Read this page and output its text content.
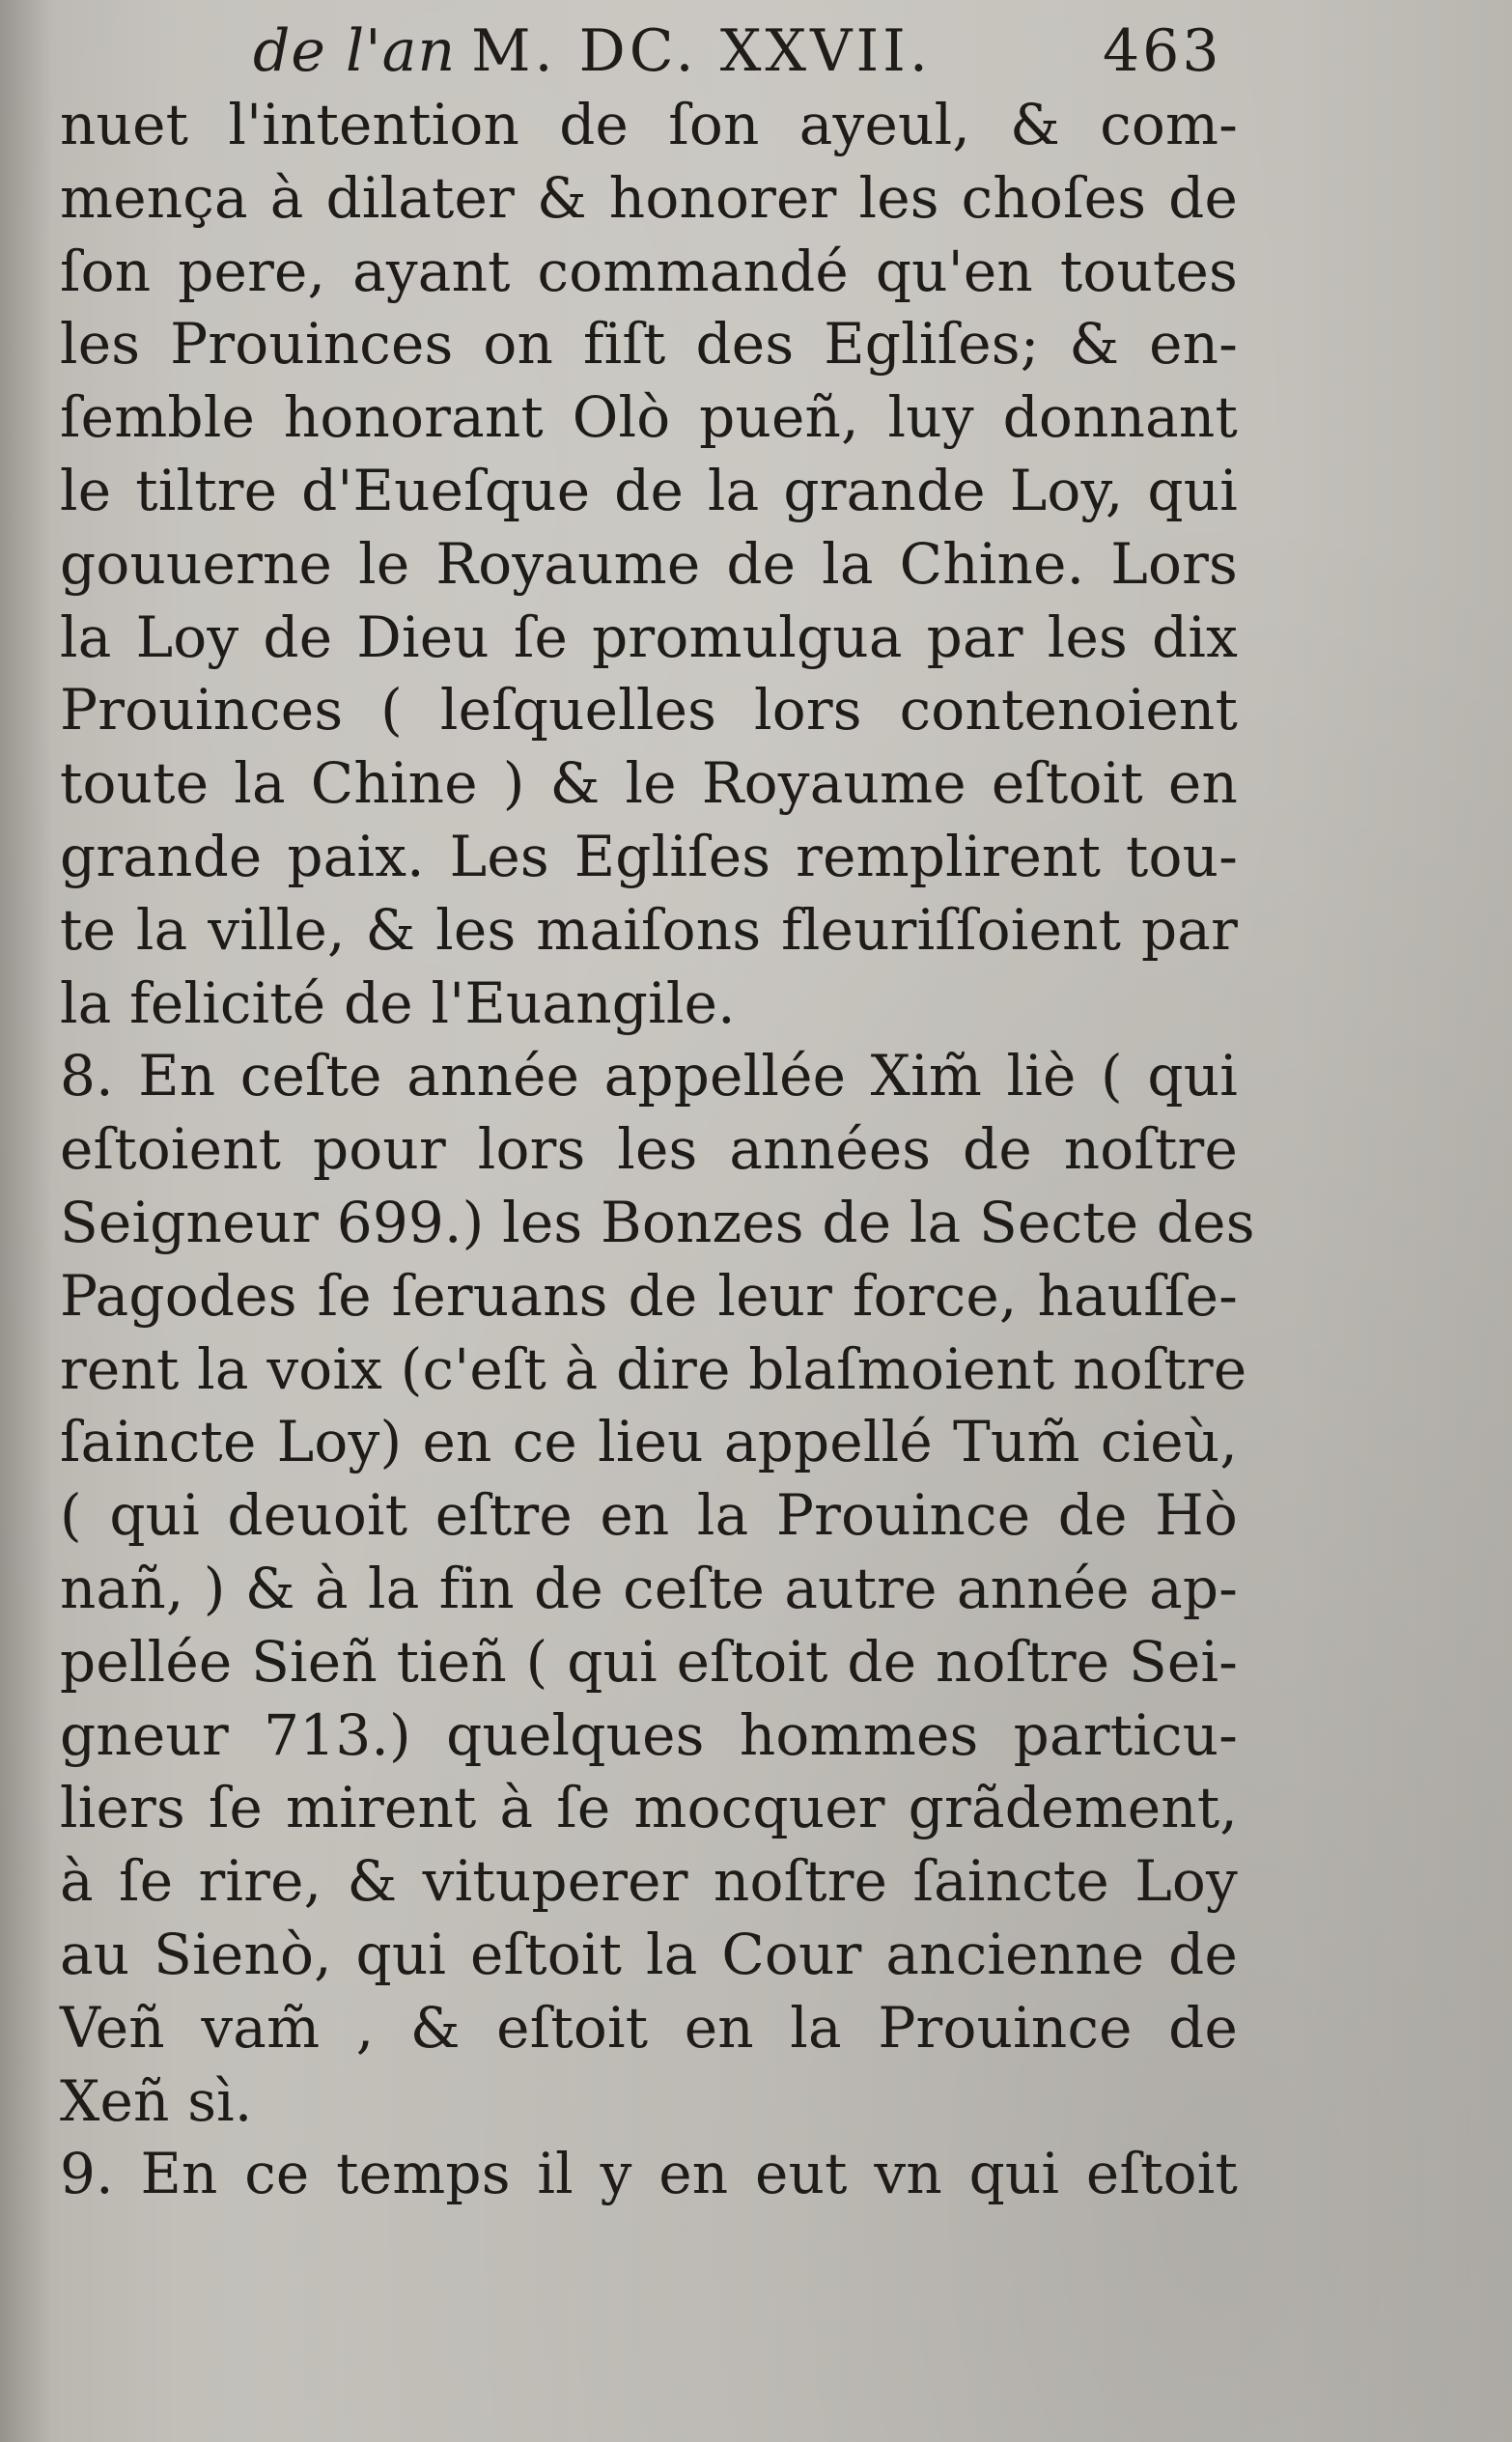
de l'an M. DC. XXVII.	463
nuet l'intention de ſon ayeul, & com-
mença à dilater & honorer les choſes de
ſon pere, ayant commandé qu'en toutes
les Prouinces on fiſt des Egliſes; & en-
ſemble honorant Olò pueñ, luy donnant
le tiltre d'Eueſque de la grande Loy, qui
gouuerne le Royaume de la Chine. Lors
la Loy de Dieu ſe promulgua par les dix
Prouinces ( leſquelles lors contenoient
toute la Chine ) & le Royaume eſtoit en
grande paix. Les Egliſes remplirent tou-
te la ville, & les maiſons fleuriſſoient par
la felicité de l'Euangile.
8. En ceſte année appellée Xim̃ liè ( qui
eſtoient pour lors les années de noſtre
Seigneur 699.) les Bonzes de la Secte des
Pagodes ſe ſeruans de leur force, hauſſe-
rent la voix (c'eſt à dire blaſmoient noſtre
ſaincte Loy) en ce lieu appellé Tum̃ cieù,
( qui deuoit eſtre en la Prouince de Hò
nañ, ) & à la fin de ceſte autre année ap-
pellée Sieñ tieñ ( qui eſtoit de noſtre Sei-
gneur 713.) quelques hommes particu-
liers ſe mirent à ſe mocquer grãdement,
à ſe rire, & vituperer noſtre ſaincte Loy
au Sienò, qui eſtoit la Cour ancienne de
Veñ vam̃ , & eſtoit en la Prouince de
Xeñ sì.
9. En ce temps il y en eut vn qui eſtoit
